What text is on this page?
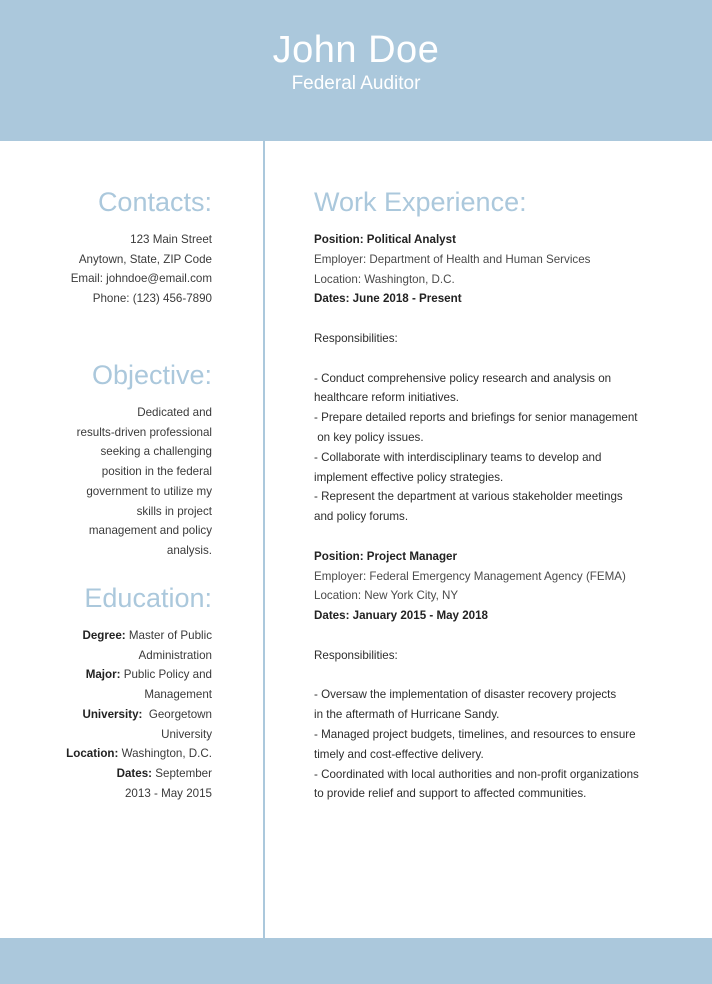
John Doe
Federal Auditor
Contacts:
123 Main Street
Anytown, State, ZIP Code
Email: johndoe@email.com
Phone: (123) 456-7890
Objective:
Dedicated and
results-driven professional
seeking a challenging
position in the federal
government to utilize my
skills in project
management and policy
analysis.
Education:
Degree: Master of Public
Administration
Major: Public Policy and
Management
University:  Georgetown
University
Location: Washington, D.C.
Dates: September
2013 - May 2015
Work Experience:
Position: Political Analyst
Employer: Department of Health and Human Services
Location: Washington, D.C.
Dates: June 2018 - Present
Responsibilities:
- Conduct comprehensive policy research and analysis on
healthcare reform initiatives.
- Prepare detailed reports and briefings for senior management
on key policy issues.
- Collaborate with interdisciplinary teams to develop and
implement effective policy strategies.
- Represent the department at various stakeholder meetings
and policy forums.
Position: Project Manager
Employer: Federal Emergency Management Agency (FEMA)
Location: New York City, NY
Dates: January 2015 - May 2018
Responsibilities:
- Oversaw the implementation of disaster recovery projects
in the aftermath of Hurricane Sandy.
- Managed project budgets, timelines, and resources to ensure
timely and cost-effective delivery.
- Coordinated with local authorities and non-profit organizations
to provide relief and support to affected communities.
